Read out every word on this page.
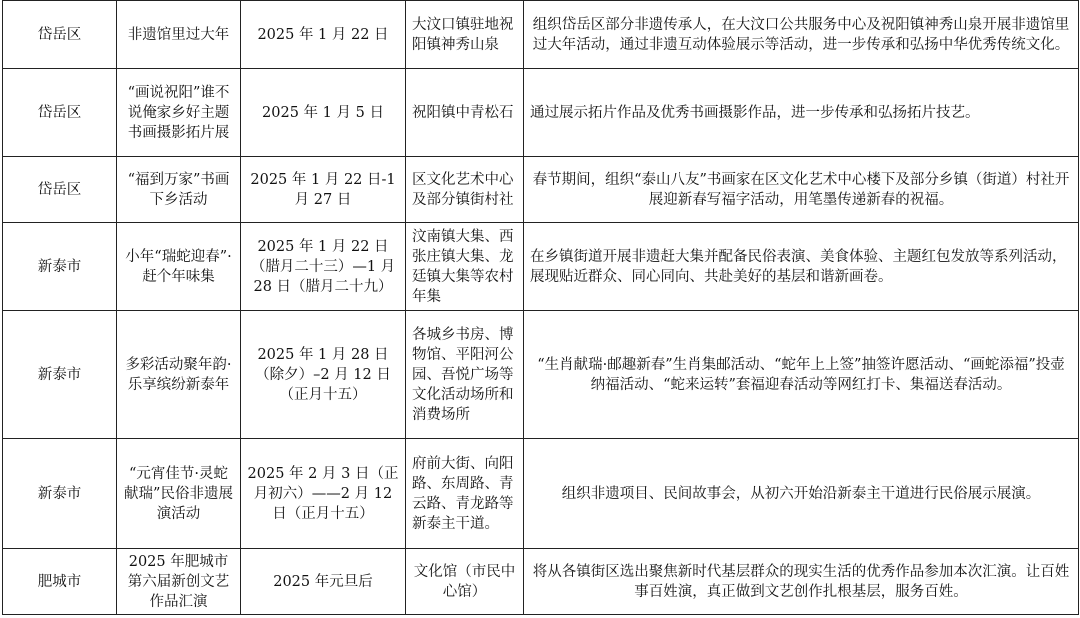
岱岳区	非遗馆里过大年	2025 年 1 月 22 日	大汶口镇驻地祝阳镇神秀山泉	组织岱岳区部分非遗传承人，在大汶口公共服务中心及祝阳镇神秀山泉开展非遗馆里过大年活动，通过非遗互动体验展示等活动，进一步传承和弘扬中华优秀传统文化。
岱岳区	“画说祝阳”谁不说俺家乡好主题书画摄影拓片展	2025 年 1 月 5 日	祝阳镇中青松石	通过展示拓片作品及优秀书画摄影作品，进一步传承和弘扬拓片技艺。
岱岳区	“福到万家”书画下乡活动	2025 年 1 月 22 日-1 月 27 日	区文化艺术中心及部分镇街村社	春节期间，组织“泰山八友”书画家在区文化艺术中心楼下及部分乡镇（街道）村社开展迎新春写福字活动，用笔墨传递新春的祝福。
新泰市	小年“瑞蛇迎春”·赶个年味集	2025 年 1 月 22 日（腊月二十三）—1 月 28 日（腊月二十九）	汶南镇大集、西张庄镇大集、龙廷镇大集等农村年集	在乡镇街道开展非遗赶大集并配备民俗表演、美食体验、主题红包发放等系列活动，展现贴近群众、同心同向、共赴美好的基层和谐新画卷。
新泰市	多彩活动聚年韵·乐享缤纷新泰年	2025 年 1 月 28 日（除夕）–2 月 12 日（正月十五）	各城乡书房、博物馆、平阳河公园、吾悦广场等文化活动场所和消费场所	“生肖献瑞·邮趣新春”生肖集邮活动、“蛇年上上签”抽签许愿活动、“画蛇添福”投壶纳福活动、“蛇来运转”套福迎春活动等网红打卡、集福送春活动。
新泰市	“元宵佳节·灵蛇献瑞”民俗非遗展演活动	2025 年 2 月 3 日（正月初六）——2 月 12 日（正月十五）	府前大街、向阳路、东周路、青云路、青龙路等新泰主干道。	组织非遗项目、民间故事会，从初六开始沿新泰主干道进行民俗展示展演。
肥城市	2025 年肥城市第六届新创文艺作品汇演	2025 年元旦后	文化馆（市民中心馆）	将从各镇街区选出聚焦新时代基层群众的现实生活的优秀作品参加本次汇演。让百姓事百姓演，真正做到文艺创作扎根基层，服务百姓。
